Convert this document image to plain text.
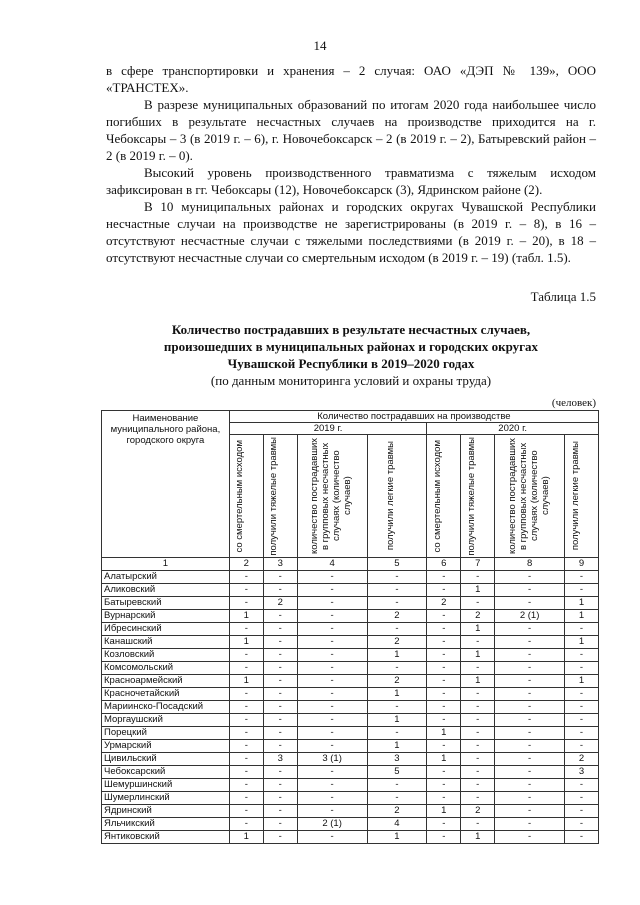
14

в сфере транспортировки и хранения – 2 случая: ОАО «ДЭП № 139», ООО «ТРАНСТЕХ».

В разрезе муниципальных образований по итогам 2020 года наибольшее число погибших в результате несчастных случаев на производстве приходится на г. Чебоксары – 3 (в 2019 г. – 6), г. Новочебоксарск – 2 (в 2019 г. – 2), Батыревский район – 2 (в 2019 г. – 0).

Высокий уровень производственного травматизма с тяжелым исходом зафиксирован в гг. Чебоксары (12), Новочебоксарск (3), Ядринском районе (2).

В 10 муниципальных районах и городских округах Чувашской Республики несчастные случаи на производстве не зарегистрированы (в 2019 г. – 8), в 16 – отсутствуют несчастные случаи с тяжелыми последствиями (в 2019 г. – 20), в 18 – отсутствуют несчастные случаи со смертельным исходом (в 2019 г. – 19) (табл. 1.5).

Таблица 1.5
Количество пострадавших в результате несчастных случаев,
произошедших в муниципальных районах и городских округах
Чувашской Республики в 2019–2020 годах
(по данным мониторинга условий и охраны труда)
(человек)
Наименование муниципального района, городского округа	Количество пострадавших на производстве							
	2019 г.				2020 г.			

	со смертельным исходом	получили тяжелые травмы	количество пострадавших в групповых несчастных случаях (количество случаев)	получили легкие травмы	со смертельным исходом	получили тяжелые травмы	количество пострадавших в групповых несчастных случаях (количество случаев)	получили легкие травмы

1	2	3	4	5	6	7	8	9
Алатырский	-	-	-	-	-	-	-	-
Аликовский	-	-	-	-	-	1	-	-
Батыревский	-	2	-	-	2	-	-	1
Вурнарский	1	-	-	2	-	2	2 (1)	1
Ибресинский	-	-	-	-	-	1	-	-
Канашский	1	-	-	2	-	-	-	1
Козловский	-	-	-	1	-	1	-	-
Комсомольский	-	-	-	-	-	-	-	-
Красноармейский	1	-	-	2	-	1	-	1
Красночетайский	-	-	-	1	-	-	-	-
Мариинско-Посадский	-	-	-	-	-	-	-	-
Моргаушский	-	-	-	1	-	-	-	-
Порецкий	-	-	-	-	1	-	-	-
Урмарский	-	-	-	1	-	-	-	-
Цивильский	-	3	3 (1)	3	1	-	-	2
Чебоксарский	-	-	-	5	-	-	-	3
Шемуршинский	-	-	-	-	-	-	-	-
Шумерлинский	-	-	-	-	-	-	-	-
Ядринский	-	-	-	2	1	2	-	-
Яльчикский	-	-	2 (1)	4	-	-	-	-
Янтиковский	1	-	-	1	-	1	-	-
